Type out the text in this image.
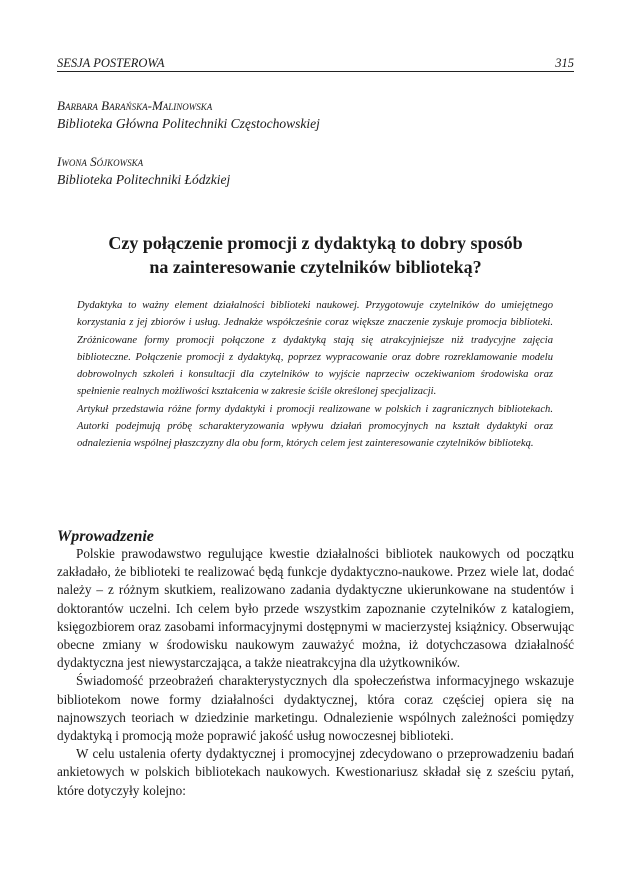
SESJA POSTEROWA	315
Barbara Barańska-Malinowska
Biblioteka Główna Politechniki Częstochowskiej
Iwona Sójkowska
Biblioteka Politechniki Łódzkiej
Czy połączenie promocji z dydaktyką to dobry sposób
na zainteresowanie czytelników biblioteką?
Dydaktyka to ważny element działalności biblioteki naukowej. Przygotowuje czytelników do umiejętnego korzystania z jej zbiorów i usług. Jednakże współcześnie coraz większe znaczenie zyskuje promocja biblioteki. Zróżnicowane formy promocji połączone z dydaktyką stają się atrakcyjniejsze niż tradycyjne zajęcia biblioteczne. Połączenie promocji z dydaktyką, poprzez wypracowanie oraz dobre rozreklamowanie modelu dobrowolnych szkoleń i konsultacji dla czytelników to wyjście naprzeciw oczekiwaniom środowiska oraz spełnienie realnych możliwości kształcenia w zakresie ściśle określonej specjalizacji.
Artykuł przedstawia różne formy dydaktyki i promocji realizowane w polskich i zagranicznych bibliotekach. Autorki podejmują próbę scharakteryzowania wpływu działań promocyjnych na kształt dydaktyki oraz odnalezienia wspólnej płaszczyzny dla obu form, których celem jest zainteresowanie czytelników biblioteką.
Wprowadzenie
Polskie prawodawstwo regulujące kwestie działalności bibliotek naukowych od początku zakładało, że biblioteki te realizować będą funkcje dydaktyczno-naukowe. Przez wiele lat, dodać należy – z różnym skutkiem, realizowano zadania dydaktyczne ukierunkowane na studentów i doktorantów uczelni. Ich celem było przede wszystkim zapoznanie czytelników z katalogiem, księgozbiorem oraz zasobami informacyjnymi dostępnymi w macierzystej książnicy. Obserwując obecne zmiany w środowisku naukowym zauważyć można, iż dotychczasowa działalność dydaktyczna jest niewystarczająca, a także nieatrakcyjna dla użytkowników.
Świadomość przeobrażeń charakterystycznych dla społeczeństwa informacyjnego wskazuje bibliotekom nowe formy działalności dydaktycznej, która coraz częściej opiera się na najnowszych teoriach w dziedzinie marketingu. Odnalezienie wspólnych zależności pomiędzy dydaktyką i promocją może poprawić jakość usług nowoczesnej biblioteki.
W celu ustalenia oferty dydaktycznej i promocyjnej zdecydowano o przeprowadzeniu badań ankietowych w polskich bibliotekach naukowych. Kwestionariusz składał się z sześciu pytań, które dotyczyły kolejno:
